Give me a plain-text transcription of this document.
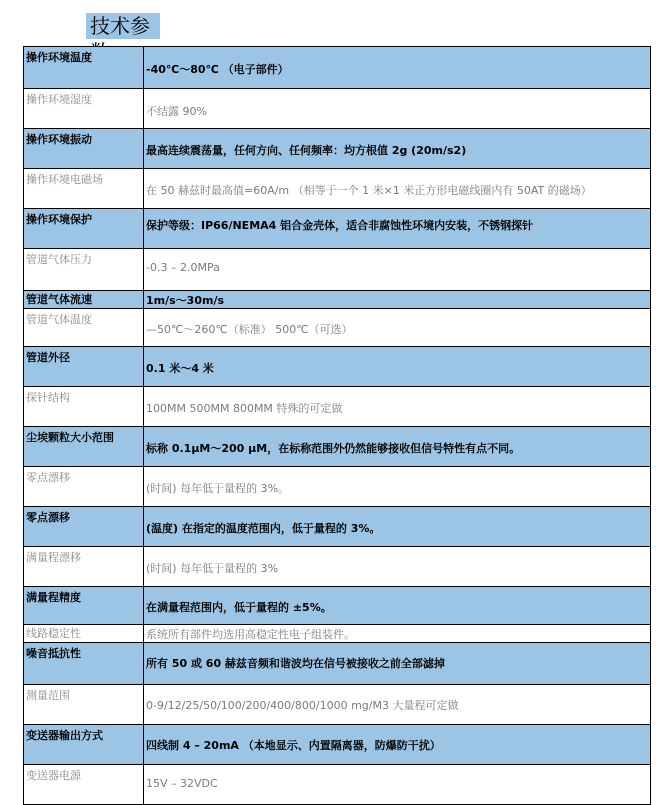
技术参
操作环境温度	-40℃～80℃ （电子部件）

操作环境湿度	不结露 90%

操作环境振动	最高连续震荡量，任何方向、任何频率：均方根值 2g (20m/s2)

操作环境电磁场	在 50 赫兹时最高值=60A/m （相等于一个 1 米×1 米正方形电磁线圈内有 50AT 的磁场）

操作环境保护	保护等级：IP66/NEMA4 铝合金壳体，适合非腐蚀性环境内安装，不锈钢探针

管道气体压力	-0.3 – 2.0MPa

管道气体流速	1m/s～30m/s

管道气体温度	—50℃～260℃（标准） 500℃（可选）

管道外径	0.1 米～4 米

探针结构	100MM 500MM 800MM 特殊的可定做

尘埃颗粒大小范围	标称 0.1μM～200 μM，在标称范围外仍然能够接收但信号特性有点不同。

零点漂移	(时间) 每年低于量程的 3%。

零点漂移	(温度) 在指定的温度范围内，低于量程的 3%。

满量程漂移	(时间) 每年低于量程的 3%

满量程精度	在满量程范围内，低于量程的 ±5%。

线路稳定性	系统所有部件均选用高稳定性电子组装件。

噪音抵抗性	所有 50 或 60 赫兹音频和谐波均在信号被接收之前全部滤掉

测量范围	0-9/12/25/50/100/200/400/800/1000 mg/M3 大量程可定做

变送器输出方式	四线制 4 – 20mA （本地显示、内置隔离器，防爆防干扰）

变送器电源	15V – 32VDC
